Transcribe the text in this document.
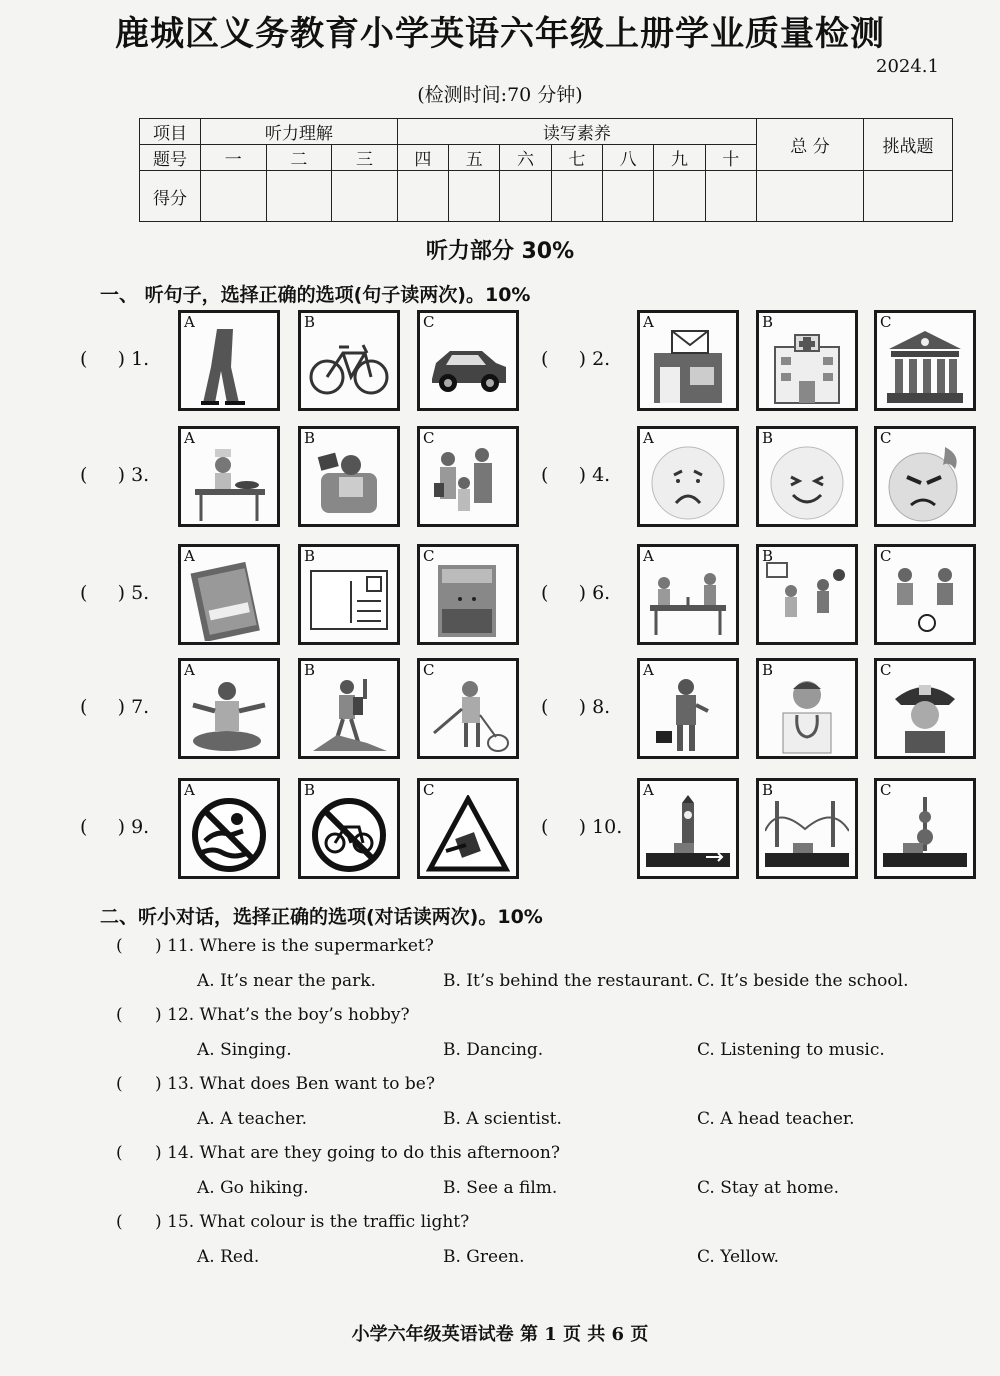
鹿城区义务教育小学英语六年级上册学业质量检测
2024.1
(检测时间:70 分钟)
项目	听力理解			读写素养							总 分	挑战题
题号	一	二	三	四	五	六	七	八	九	十		
得分												
听力部分 30%
一、 听句子，选择正确的选项(句子读两次)。10%
(     ) 1.
A	B	C
(     ) 2.
A	B	C
(     ) 3.
A	B	C
(     ) 4.
A	B	C
(     ) 5.
A	B	C
(     ) 6.
A	B	C
(     ) 7.
A	B	C
(     ) 8.
A	B	C
(     ) 9.
A	B	C
(     ) 10.
A	B	C
二、听小对话，选择正确的选项(对话读两次)。10%
(      ) 11. Where is the supermarket?
A. It’s near the park.	B. It’s behind the restaurant. C. It’s beside the school.
(      ) 12. What’s the boy’s hobby?
A. Singing.	B. Dancing.	C. Listening to music.
(      ) 13. What does Ben want to be?
A. A teacher.	B. A scientist.	C. A head teacher.
(      ) 14. What are they going to do this afternoon?
A. Go hiking.	B. See a film.	C. Stay at home.
(      ) 15. What colour is the traffic light?
A. Red.	B. Green.	C. Yellow.
小学六年级英语试卷 第 1 页 共 6 页
